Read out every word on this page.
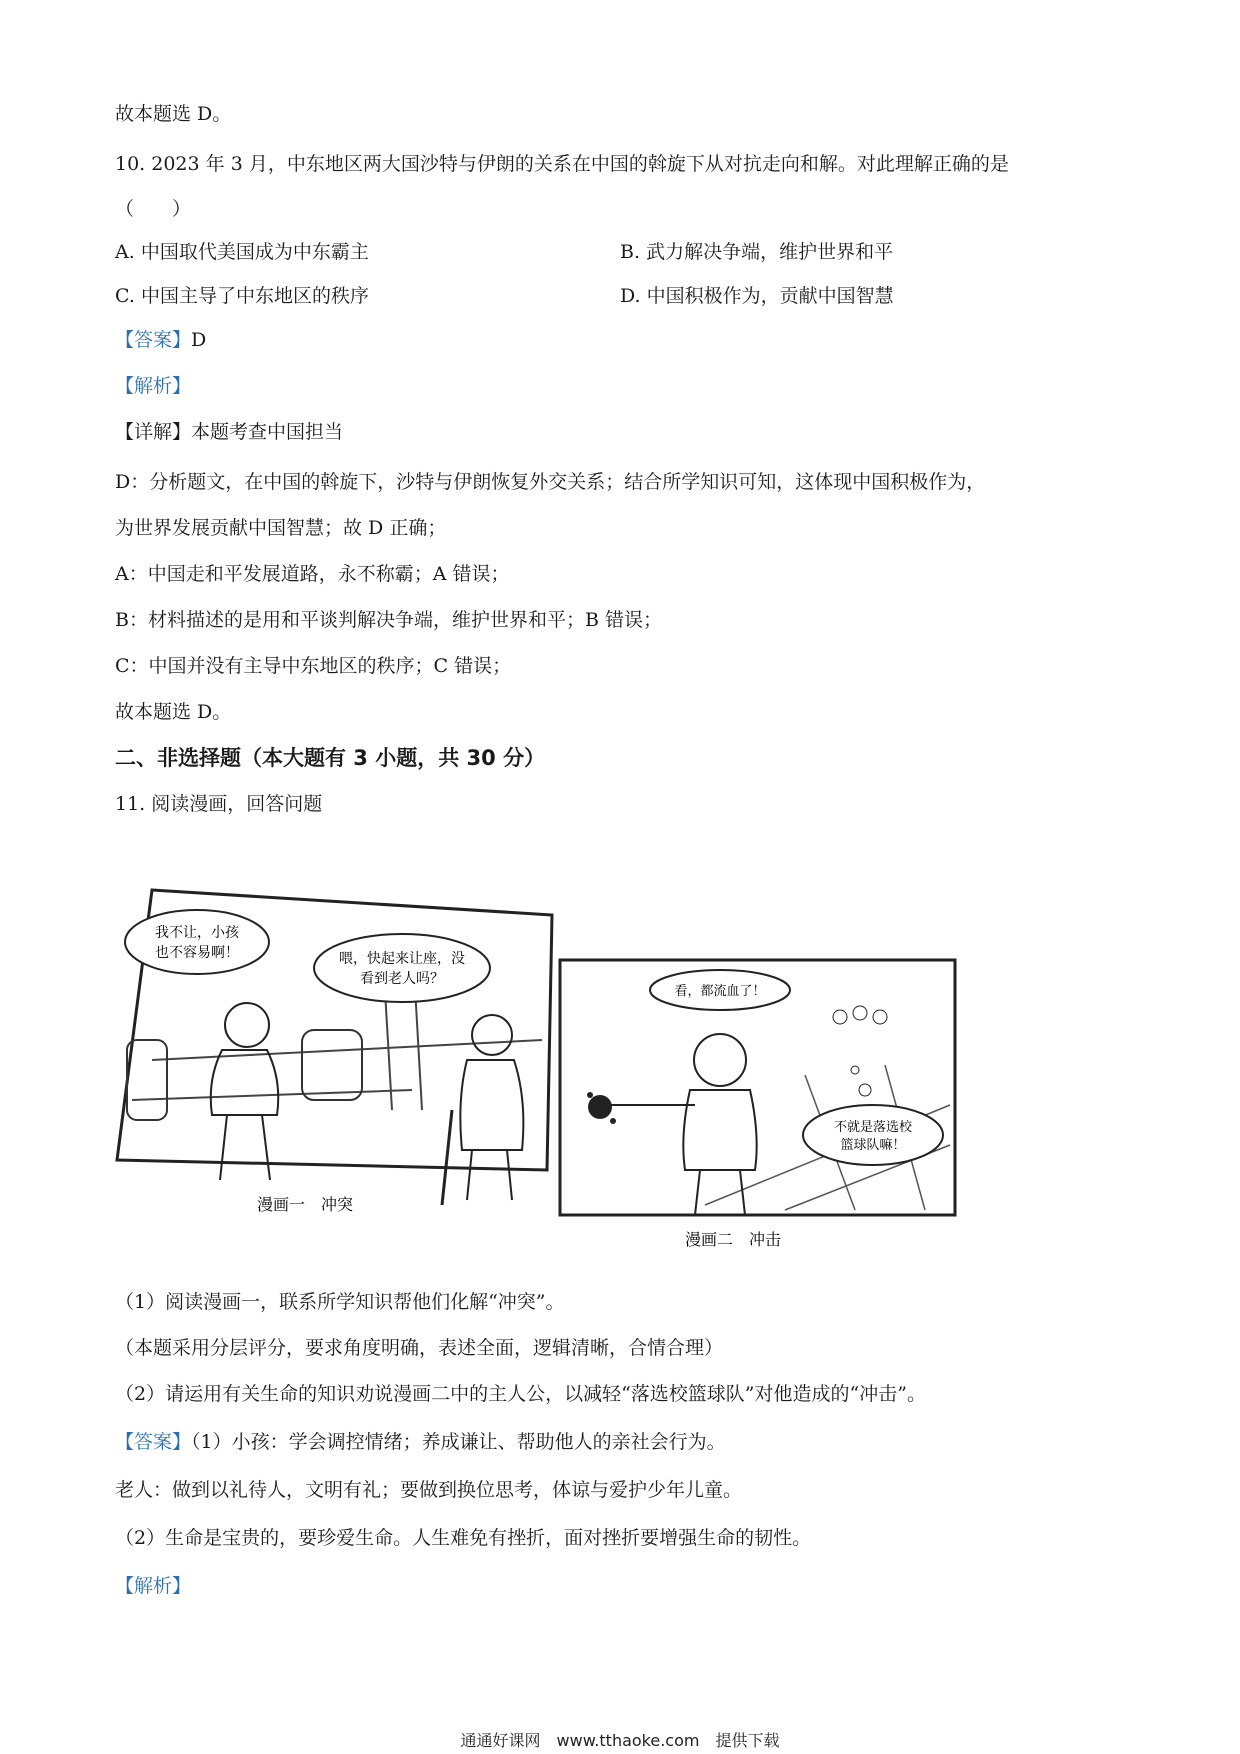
故本题选 D。
10. 2023 年 3 月，中东地区两大国沙特与伊朗的关系在中国的斡旋下从对抗走向和解。对此理解正确的是
（　　）
A. 中国取代美国成为中东霸主	B. 武力解决争端，维护世界和平
C. 中国主导了中东地区的秩序	D. 中国积极作为，贡献中国智慧
【答案】D
【解析】
【详解】本题考查中国担当
D：分析题文，在中国的斡旋下，沙特与伊朗恢复外交关系；结合所学知识可知，这体现中国积极作为，
为世界发展贡献中国智慧；故 D 正确；
A：中国走和平发展道路，永不称霸；A 错误；
B：材料描述的是用和平谈判解决争端，维护世界和平；B 错误；
C：中国并没有主导中东地区的秩序；C 错误；
故本题选 D。
二、非选择题（本大题有 3 小题，共 30 分）
11. 阅读漫画，回答问题
我不让，小孩
也不容易啊！	喂，快起来让座，没
看到老人吗？
漫画一　冲突
看，都流血了！
不就是落选校
篮球队嘛！
漫画二　冲击
（1）阅读漫画一，联系所学知识帮他们化解“冲突”。
（本题采用分层评分，要求角度明确，表述全面，逻辑清晰，合情合理）
（2）请运用有关生命的知识劝说漫画二中的主人公，以减轻“落选校篮球队”对他造成的“冲击”。
【答案】（1）小孩：学会调控情绪；养成谦让、帮助他人的亲社会行为。
老人：做到以礼待人，文明有礼；要做到换位思考，体谅与爱护少年儿童。
（2）生命是宝贵的，要珍爱生命。人生难免有挫折，面对挫折要增强生命的韧性。
【解析】
通通好课网　www.tthaoke.com　提供下载
